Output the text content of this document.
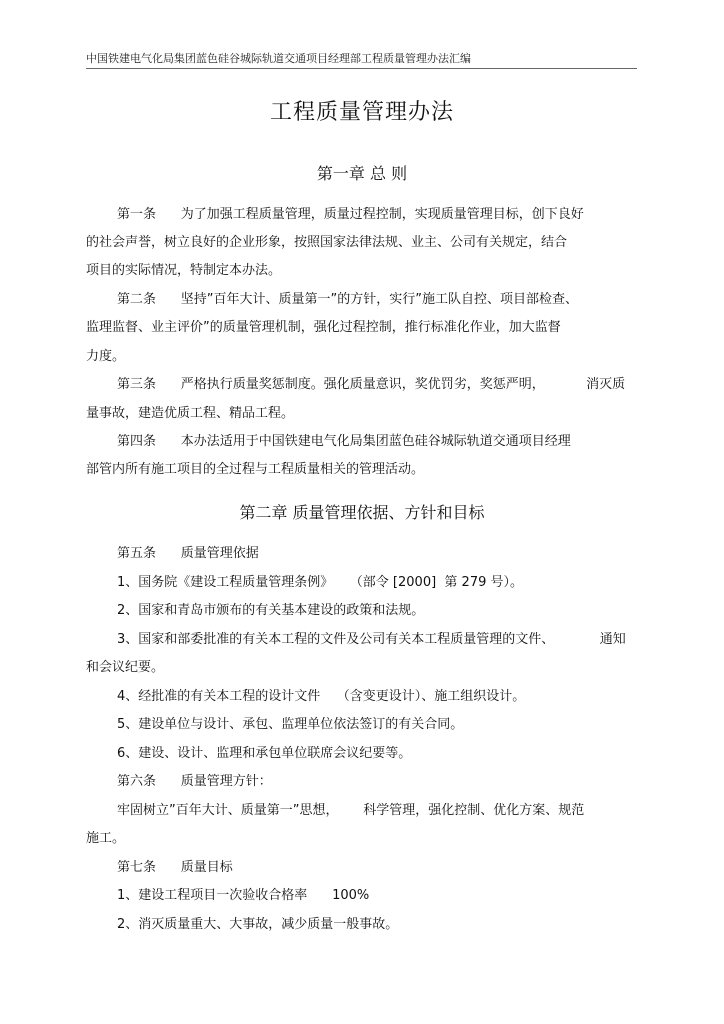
中国铁建电气化局集团蓝色硅谷城际轨道交通项目经理部工程质量管理办法汇编
工程质量管理办法
第一章 总 则
第一条      为了加强工程质量管理，质量过程控制，实现质量管理目标，创下良好
的社会声誉，树立良好的企业形象，按照国家法律法规、业主、公司有关规定，结合
项目的实际情况，特制定本办法。
第二条      坚持”百年大计、质量第一”的方针，实行”施工队自控、项目部检查、
监理监督、业主评价”的质量管理机制，强化过程控制，推行标准化作业，加大监督
力度。
第三条      严格执行质量奖惩制度。强化质量意识，奖优罚劣，奖惩严明，          消灭质
量事故，建造优质工程、精品工程。
第四条      本办法适用于中国铁建电气化局集团蓝色硅谷城际轨道交通项目经理
部管内所有施工项目的全过程与工程质量相关的管理活动。
第二章 质量管理依据、方针和目标
第五条      质量管理依据
1、国务院《建设工程质量管理条例》    （部令 [2000]  第 279 号）。
2、国家和青岛市颁布的有关基本建设的政策和法规。
3、国家和部委批准的有关本工程的文件及公司有关本工程质量管理的文件、           通知
和会议纪要。
4、经批准的有关本工程的设计文件    （含变更设计）、施工组织设计。
5、建设单位与设计、承包、监理单位依法签订的有关合同。
6、建设、设计、监理和承包单位联席会议纪要等。
第六条      质量管理方针：
牢固树立”百年大计、质量第一”思想，      科学管理，强化控制、优化方案、规范
施工。
第七条      质量目标
1、建设工程项目一次验收合格率      100%
2、消灭质量重大、大事故，减少质量一般事故。
